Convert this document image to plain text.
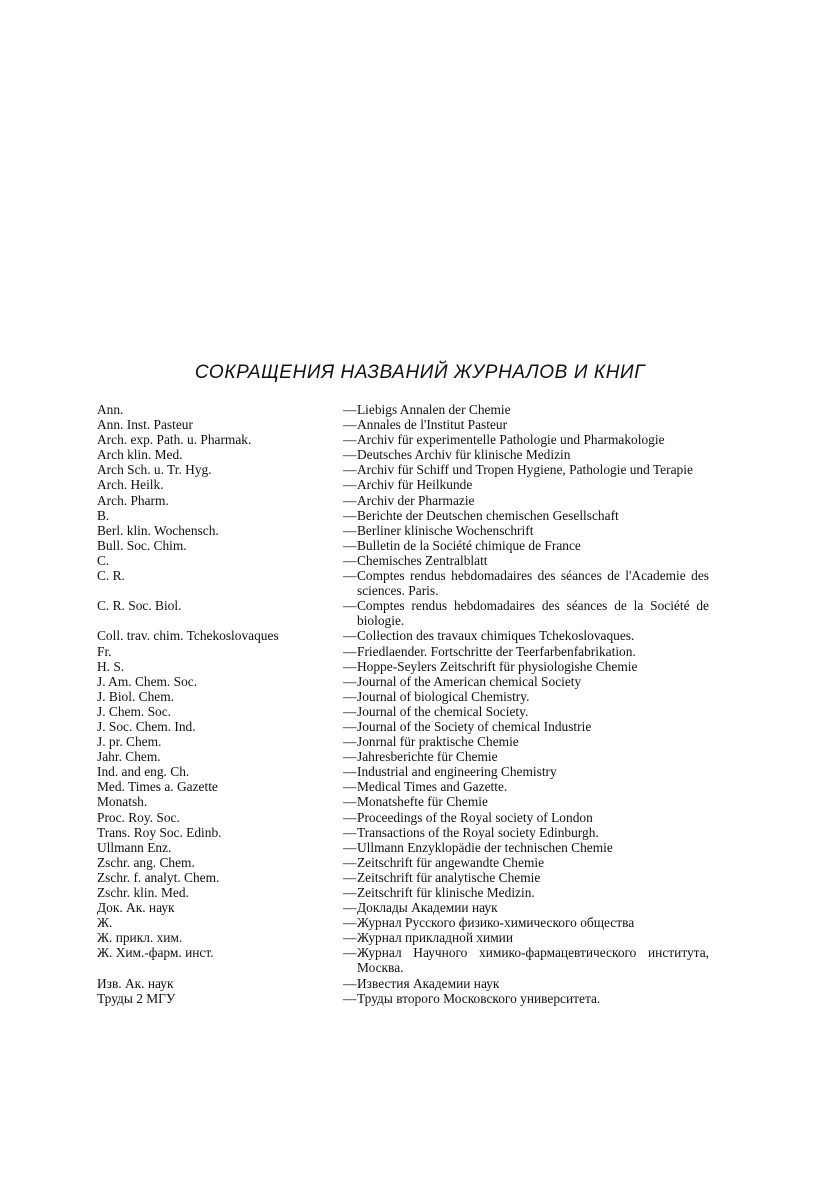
СОКРАЩЕНИЯ НАЗВАНИЙ ЖУРНАЛОВ И КНИГ
Ann.	— Liebigs Annalen der Chemie
Ann. Inst. Pasteur	— Annales de l'Institut Pasteur
Arch. exp. Path. u. Pharmak.	— Archiv für experimentelle Pathologie und Pharmakologie
Arch klin. Med.	— Deutsches Archiv für klinische Medizin
Arch Sch. u. Tr. Hyg.	— Archiv für Schiff und Tropen Hygiene, Pathologie und Terapie
Arch. Heilk.	— Archiv für Heilkunde
Arch. Pharm.	— Archiv der Pharmazie
B.	— Berichte der Deutschen chemischen Gesellschaft
Berl. klin. Wochensch.	— Berliner klinische Wochenschrift
Bull. Soc. Chim.	— Bulletin de la Société chimique de France
C.	— Chemisches Zentralblatt
C. R.	— Comptes rendus hebdomadaires des séances de l'Academie des sciences. Paris.
C. R. Soc. Biol.	— Comptes rendus hebdomadaires des séances de la Société de biologie.
Coll. trav. chim. Tchekoslovaques	— Collection des travaux chimiques Tchekoslovaques.
Fr.	— Friedlaender. Fortschritte der Teerfarbenfabrikation.
H. S.	— Hoppe-Seylers Zeitschrift für physiologishe Chemie
J. Am. Chem. Soc.	— Journal of the American chemical Society
J. Biol. Chem.	— Journal of biological Chemistry.
J. Chem. Soc.	— Journal of the chemical Society.
J. Soc. Chem. Ind.	— Journal of the Society of chemical Industrie
J. pr. Chem.	— Jonrnal für praktische Chemie
Jahr. Chem.	— Jahresberichte für Chemie
Ind. and eng. Ch.	— Industrial and engineering Chemistry
Med. Times a. Gazette	— Medical Times and Gazette.
Monatsh.	— Monatshefte für Chemie
Proc. Roy. Soc.	— Proceedings of the Royal society of London
Trans. Roy Soc. Edinb.	— Transactions of the Royal society Edinburgh.
Ullmann Enz.	— Ullmann Enzyklopädie der technischen Chemie
Zschr. ang. Chem.	— Zeitschrift für angewandte Chemie
Zschr. f. analyt. Chem.	— Zeitschrift für analytische Chemie
Zschr. klin. Med.	— Zeitschrift für klinische Medizin.
Док. Ак. наук	— Доклады Академии наук
Ж.	— Журнал Русского физико-химического общества
Ж. прикл. хим.	— Журнал прикладной химии
Ж. Хим.-фарм. инст.	— Журнал Научного химико-фармацевтического института, Москва.
Изв. Ак. наук	— Известия Академии наук
Труды 2 МГУ	— Труды второго Московского университета.
